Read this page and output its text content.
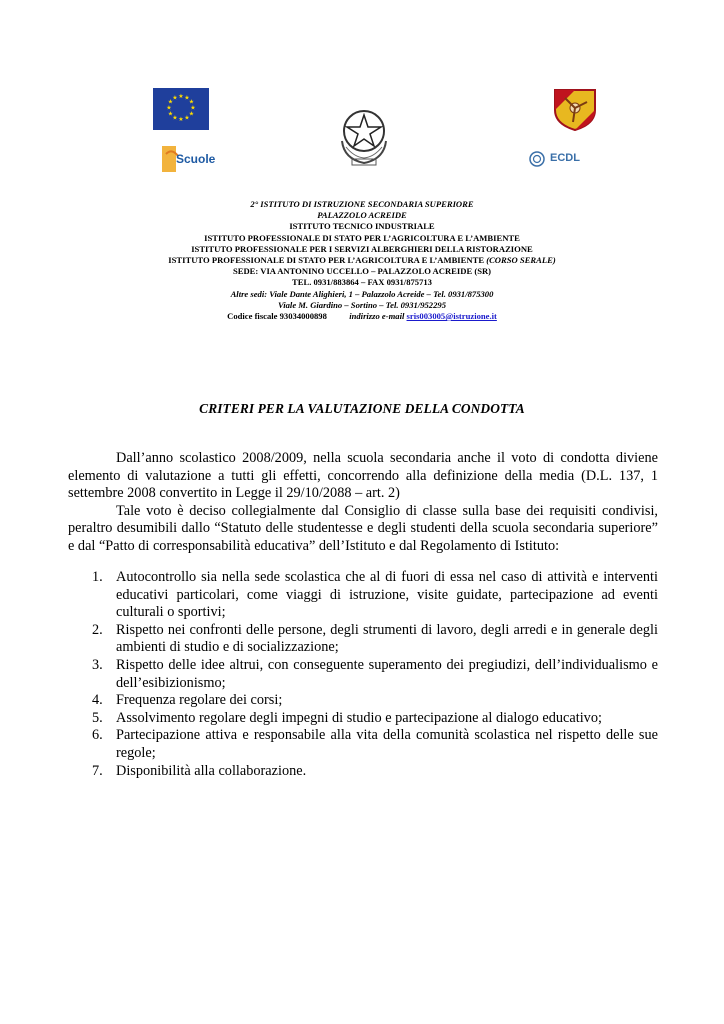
★ ★
★
★
★
★
★
★
★
★
★
★
Scuole	ECDL
2° ISTITUTO DI ISTRUZIONE SECONDARIA SUPERIORE
PALAZZOLO ACREIDE
ISTITUTO TECNICO INDUSTRIALE
ISTITUTO PROFESSIONALE DI STATO PER L’AGRICOLTURA E L’AMBIENTE
ISTITUTO PROFESSIONALE PER I SERVIZI ALBERGHIERI DELLA RISTORAZIONE
ISTITUTO PROFESSIONALE DI STATO PER L’AGRICOLTURA E L’AMBIENTE (CORSO SERALE)
SEDE: VIA ANTONINO UCCELLO – PALAZZOLO ACREIDE (SR)
TEL. 0931/883864 – FAX 0931/875713
Altre sedi: Viale Dante Alighieri, 1 – Palazzolo Acreide – Tel. 0931/875300
Viale M. Giardino – Sortino – Tel. 0931/952295
Codice fiscale 93034000898	indirizzo e-mail sris003005@istruzione.it
CRITERI PER LA VALUTAZIONE DELLA CONDOTTA

Dall’anno scolastico 2008/2009, nella scuola secondaria anche il voto di condotta diviene elemento di valutazione a tutti gli effetti, concorrendo alla definizione della media (D.L. 137, 1 settembre 2008 convertito in Legge il 29/10/2088 – art. 2)

Tale voto è deciso collegialmente dal Consiglio di classe sulla base dei requisiti condivisi, peraltro desumibili dallo “Statuto delle studentesse e degli studenti della scuola secondaria superiore” e dal “Patto di corresponsabilità educativa” dell’Istituto e dal Regolamento di Istituto:

1. Autocontrollo sia nella sede scolastica che al di fuori di essa nel caso di attività e interventi educativi particolari, come viaggi di istruzione, visite guidate, partecipazione ad eventi culturali o sportivi;
2. Rispetto nei confronti delle persone, degli strumenti di lavoro, degli arredi e in generale degli ambienti di studio e di socializzazione;
3. Rispetto delle idee altrui, con conseguente superamento dei pregiudizi, dell’individualismo e dell’esibizionismo;
4. Frequenza regolare dei corsi;
5. Assolvimento regolare degli impegni di studio e partecipazione al dialogo educativo;
6. Partecipazione attiva e responsabile alla vita della comunità scolastica nel rispetto delle sue regole;
7. Disponibilità alla collaborazione.
